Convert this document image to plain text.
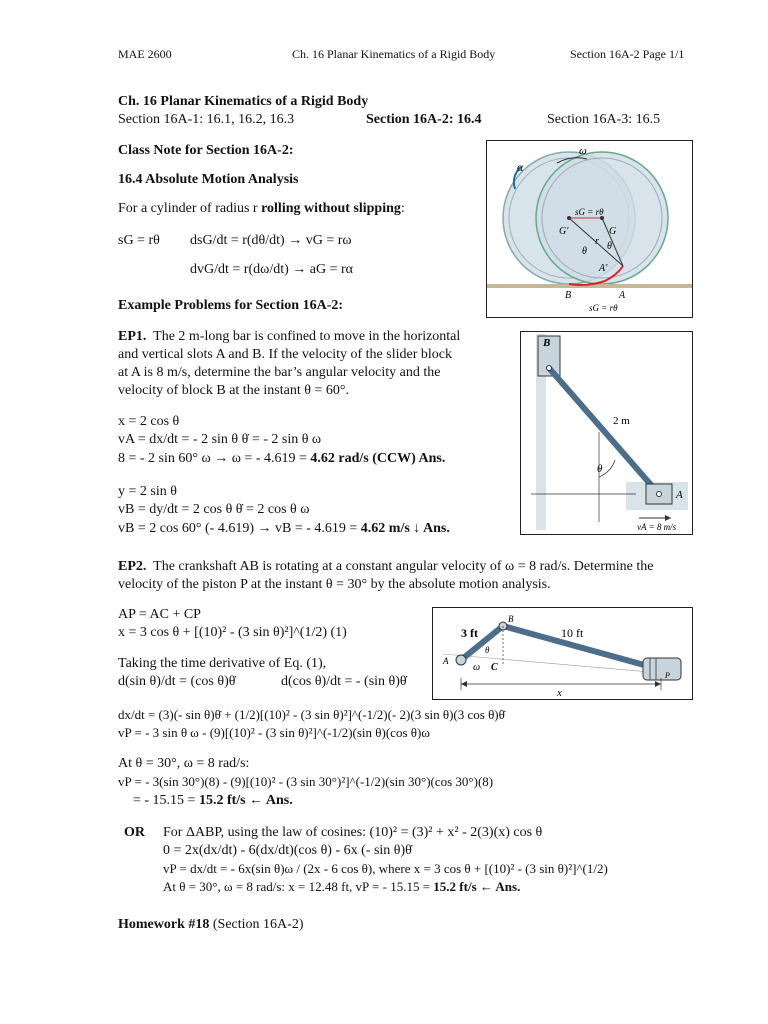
MAE 2600	Ch. 16 Planar Kinematics of a Rigid Body	Section 16A-2 Page 1/1
Ch. 16 Planar Kinematics of a Rigid Body
Section 16A-1: 16.1, 16.2, 16.3	Section 16A-2: 16.4	Section 16A-3: 16.5
Class Note for Section 16A-2:
16.4 Absolute Motion Analysis
For a cylinder of radius r rolling without slipping:
sG = rθ dsG/dt = r(dθ/dt) → vG = rω
dvG/dt = r(dω/dt) → aG = rα
Example Problems for Section 16A-2:
ω
α
sG = rθ
G'	G
r
θ θ
A'
B	A
sG = rθ
EP1. The 2 m-long bar is confined to move in the horizontal
and vertical slots A and B. If the velocity of the slider block
at A is 8 m/s, determine the bar’s angular velocity and the
velocity of block B at the instant θ = 60°.
x = 2 cos θ
vA = dx/dt = - 2 sin θ θ̇ = - 2 sin θ ω
8 = - 2 sin 60° ω → ω = - 4.619 = 4.62 rad/s (CCW) Ans.
y = 2 sin θ
vB = dy/dt = 2 cos θ θ̇ = 2 cos θ ω
vB = 2 cos 60° (- 4.619) → vB = - 4.619 = 4.62 m/s ↓ Ans.
B
2 m
θ
A
vA = 8 m/s
EP2. The crankshaft AB is rotating at a constant angular velocity of ω = 8 rad/s. Determine the
velocity of the piston P at the instant θ = 30° by the absolute motion analysis.
AP = AC + CP
x = 3 cos θ + [(10)² - (3 sin θ)²]^(1/2) (1)
Taking the time derivative of Eq. (1),
d(sin θ)/dt = (cos θ)θ̇	d(cos θ)/dt = - (sin θ)θ̇
3 ft	10 ft
B
A
ω C
θ
x
P
dx/dt = (3)(- sin θ)θ̇ + (1/2)[(10)² - (3 sin θ)²]^(-1/2)(- 2)(3 sin θ)(3 cos θ)θ̇
vP = - 3 sin θ ω - (9)[(10)² - (3 sin θ)²]^(-1/2)(sin θ)(cos θ)ω
At θ = 30°, ω = 8 rad/s:
vP = - 3(sin 30°)(8) - (9)[(10)² - (3 sin 30°)²]^(-1/2)(sin 30°)(cos 30°)(8)
= - 15.15 = 15.2 ft/s ← Ans.
OR For ΔABP, using the law of cosines: (10)² = (3)² + x² - 2(3)(x) cos θ
0 = 2x(dx/dt) - 6(dx/dt)(cos θ) - 6x (- sin θ)θ̇
vP = dx/dt = - 6x(sin θ)ω / (2x - 6 cos θ), where x = 3 cos θ + [(10)² - (3 sin θ)²]^(1/2)
At θ = 30°, ω = 8 rad/s: x = 12.48 ft, vP = - 15.15 = 15.2 ft/s ← Ans.
Homework #18 (Section 16A-2)
